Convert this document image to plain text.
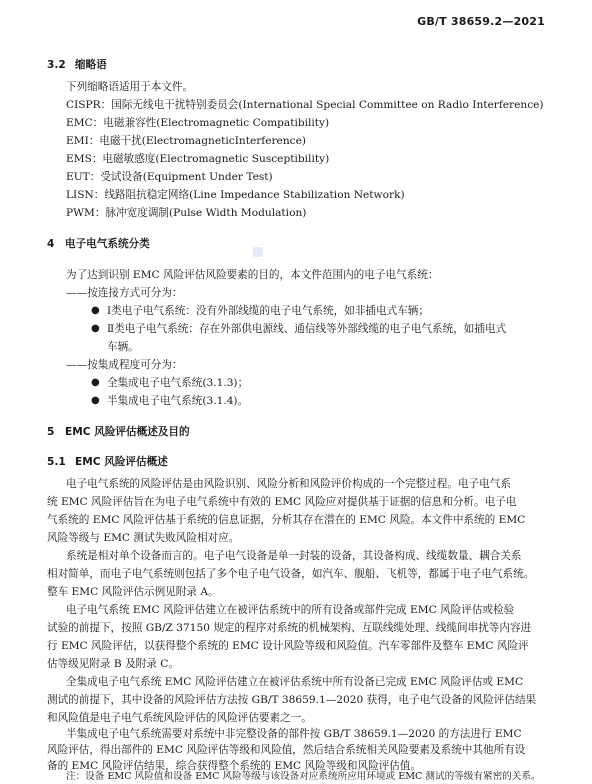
GB/T 38659.2—2021
3.2 缩略语
下列缩略语适用于本文件。
CISPR：国际无线电干扰特别委员会(International Special Committee on Radio Interference)
EMC：电磁兼容性(Electromagnetic Compatibility)
EMI：电磁干扰(ElectromagneticInterference)
EMS：电磁敏感度(Electromagnetic Susceptibility)
EUT：受试设备(Equipment Under Test)
LISN：线路阻抗稳定网络(Line Impedance Stabilization Network)
PWM：脉冲宽度调制(Pulse Width Modulation)
4 电子电气系统分类
为了达到识别 EMC 风险评估风险要素的目的，本文件范围内的电子电气系统：
——按连接方式可分为：
● Ⅰ类电子电气系统：没有外部线缆的电子电气系统，如非插电式车辆；
● Ⅱ类电子电气系统：存在外部供电源线、通信线等外部线缆的电子电气系统，如插电式
车辆。
——按集成程度可分为：
● 全集成电子电气系统(3.1.3)；
● 半集成电子电气系统(3.1.4)。
5 EMC 风险评估概述及目的
5.1 EMC 风险评估概述
电子电气系统的风险评估是由风险识别、风险分析和风险评价构成的一个完整过程。电子电气系
统 EMC 风险评估旨在为电子电气系统中有效的 EMC 风险应对提供基于证据的信息和分析。电子电
气系统的 EMC 风险评估基于系统的信息证据，分析其存在潜在的 EMC 风险。本文件中系统的 EMC
风险等级与 EMC 测试失败风险相对应。
系统是相对单个设备而言的。电子电气设备是单一封装的设备，其设备构成、线缆数量、耦合关系
相对简单，而电子电气系统则包括了多个电子电气设备，如汽车、舰船、飞机等，都属于电子电气系统。
整车 EMC 风险评估示例见附录 A。
电子电气系统 EMC 风险评估建立在被评估系统中的所有设备或部件完成 EMC 风险评估或检验
试验的前提下，按照 GB/Z 37150 规定的程序对系统的机械架构、互联线缆处理、线缆间串扰等内容进
行 EMC 风险评估，以获得整个系统的 EMC 设计风险等级和风险值。汽车零部件及整车 EMC 风险评
估等级见附录 B 及附录 C。
全集成电子电气系统 EMC 风险评估建立在被评估系统中所有设备已完成 EMC 风险评估或 EMC
测试的前提下，其中设备的风险评估方法按 GB/T 38659.1—2020 获得，电子电气设备的风险评估结果
和风险值是电子电气系统风险评估的风险评估要素之一。
半集成电子电气系统需要对系统中非完整设备的部件按 GB/T 38659.1—2020 的方法进行 EMC
风险评估，得出部件的 EMC 风险评估等级和风险值，然后结合系统相关风险要素及系统中其他所有设
备的 EMC 风险评估结果，综合获得整个系统的 EMC 风险等级和风险评估值。
注：设备 EMC 风险值和设备 EMC 风险等级与该设备对应系统所应用环境或 EMC 测试的等级有紧密的关系。
